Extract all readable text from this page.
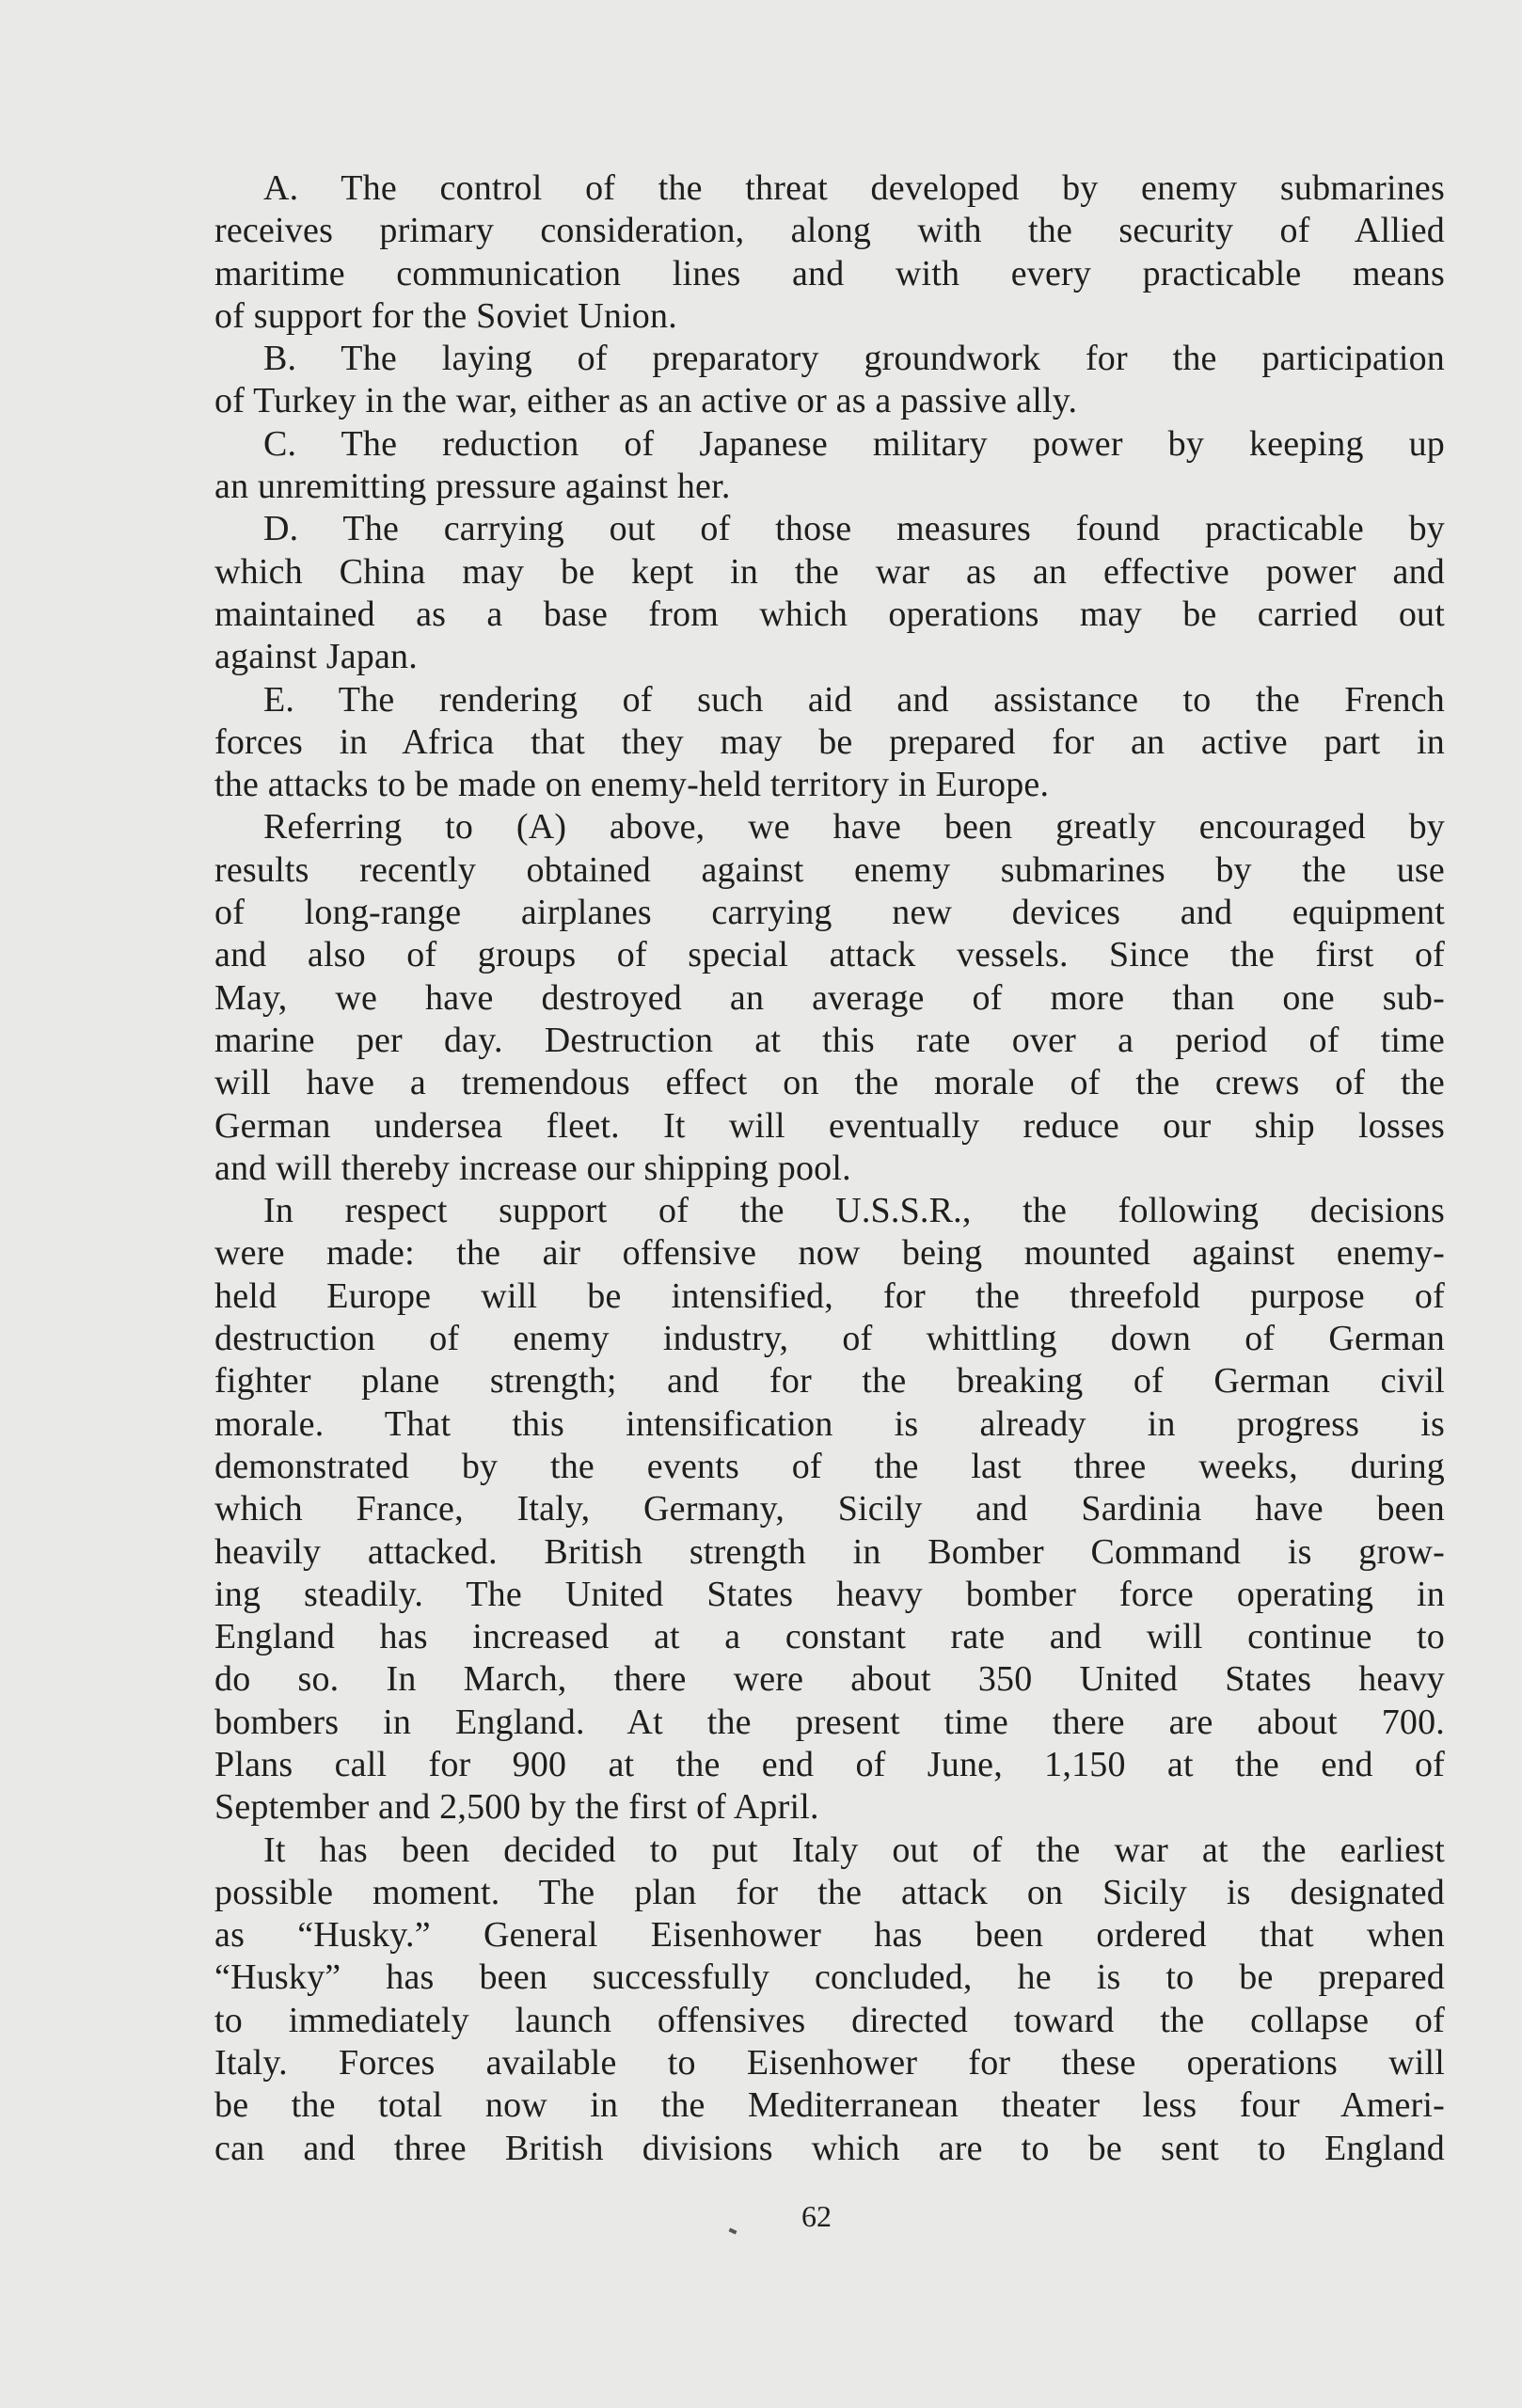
A. The control of the threat developed by enemy submarines
receives primary consideration, along with the security of Allied
maritime communication lines and with every practicable means
of support for the Soviet Union.
B. The laying of preparatory groundwork for the participation
of Turkey in the war, either as an active or as a passive ally.
C. The reduction of Japanese military power by keeping up
an unremitting pressure against her.
D. The carrying out of those measures found practicable by
which China may be kept in the war as an effective power and
maintained as a base from which operations may be carried out
against Japan.
E. The rendering of such aid and assistance to the French
forces in Africa that they may be prepared for an active part in
the attacks to be made on enemy-held territory in Europe.
Referring to (A) above, we have been greatly encouraged by
results recently obtained against enemy submarines by the use
of long-range airplanes carrying new devices and equipment
and also of groups of special attack vessels. Since the first of
May, we have destroyed an average of more than one sub-
marine per day. Destruction at this rate over a period of time
will have a tremendous effect on the morale of the crews of the
German undersea fleet. It will eventually reduce our ship losses
and will thereby increase our shipping pool.
In respect support of the U.S.S.R., the following decisions
were made: the air offensive now being mounted against enemy-
held Europe will be intensified, for the threefold purpose of
destruction of enemy industry, of whittling down of German
fighter plane strength; and for the breaking of German civil
morale. That this intensification is already in progress is
demonstrated by the events of the last three weeks, during
which France, Italy, Germany, Sicily and Sardinia have been
heavily attacked. British strength in Bomber Command is grow-
ing steadily. The United States heavy bomber force operating in
England has increased at a constant rate and will continue to
do so. In March, there were about 350 United States heavy
bombers in England. At the present time there are about 700.
Plans call for 900 at the end of June, 1,150 at the end of
September and 2,500 by the first of April.
It has been decided to put Italy out of the war at the earliest
possible moment. The plan for the attack on Sicily is designated
as “Husky.” General Eisenhower has been ordered that when
“Husky” has been successfully concluded, he is to be prepared
to immediately launch offensives directed toward the collapse of
Italy. Forces available to Eisenhower for these operations will
be the total now in the Mediterranean theater less four Ameri-
can and three British divisions which are to be sent to England
62
